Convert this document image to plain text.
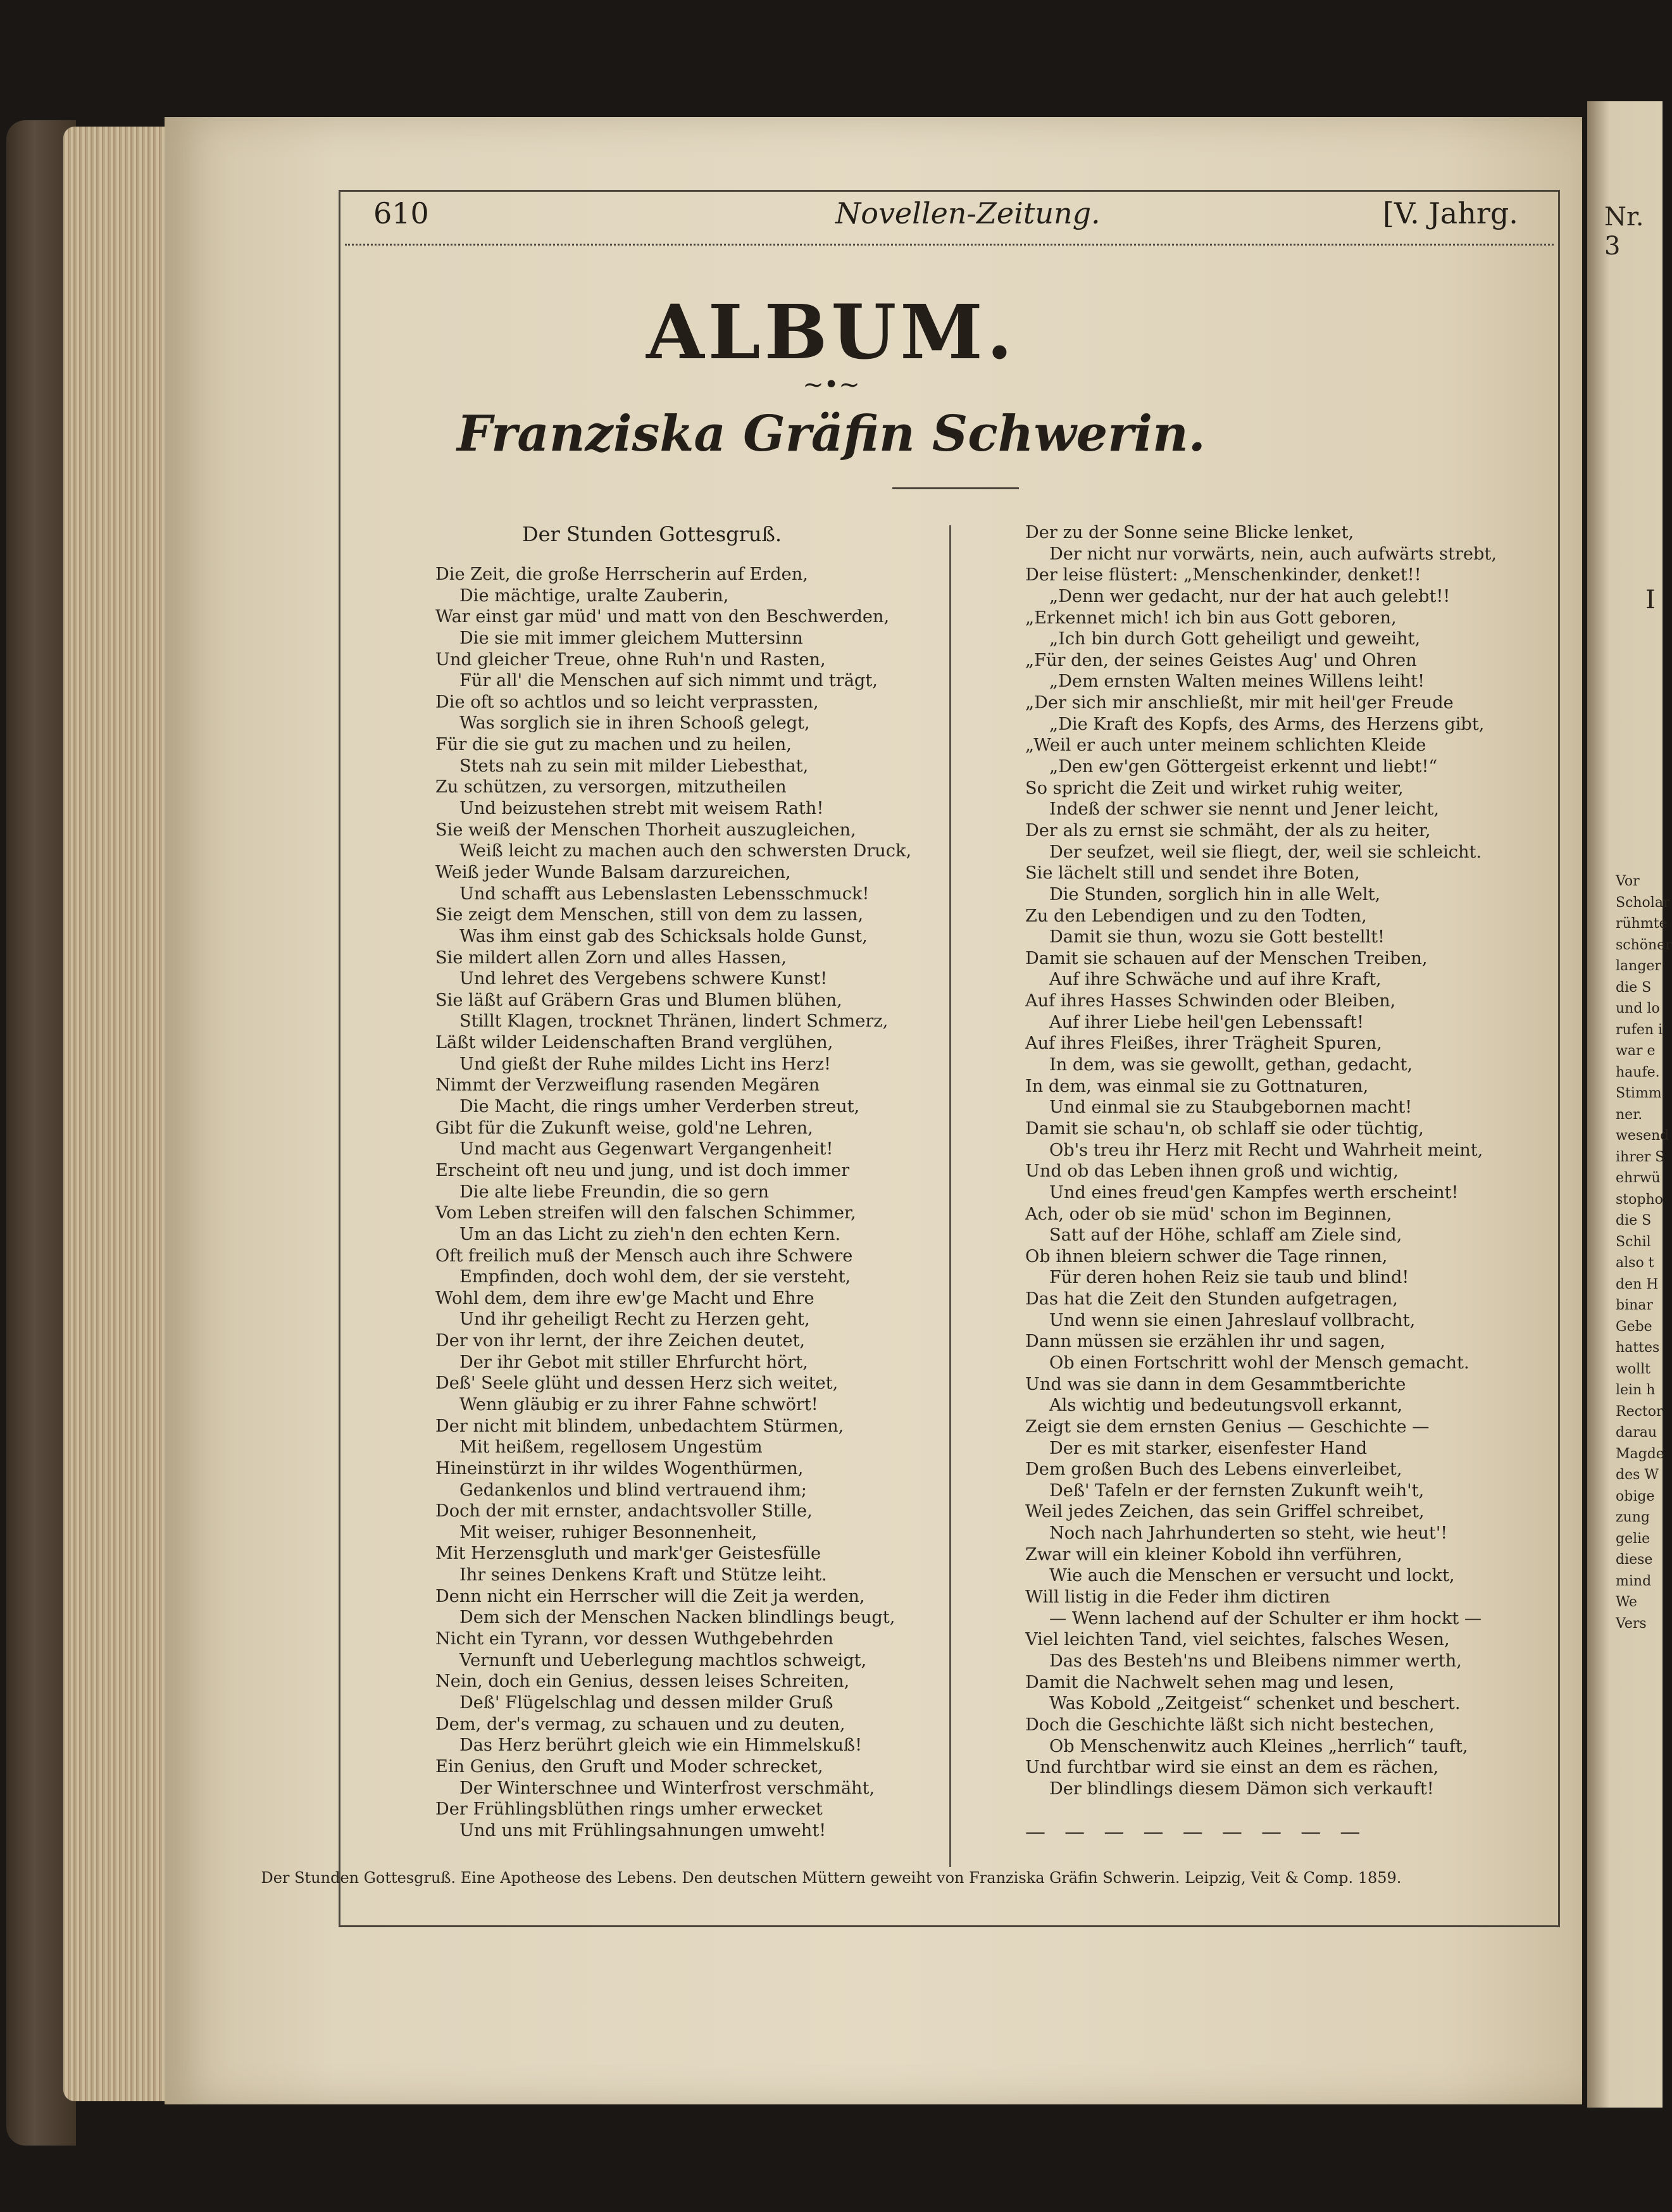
610	Novellen-Zeitung.	[V. Jahrg.
ALBUM.
~•~
Franziska Gräfin Schwerin.
Der Stunden Gottesgruß.
Die Zeit, die große Herrscherin auf Erden,
Die mächtige, uralte Zauberin,
War einst gar müd' und matt von den Beschwerden,
Die sie mit immer gleichem Muttersinn
Und gleicher Treue, ohne Ruh'n und Rasten,
Für all' die Menschen auf sich nimmt und trägt,
Die oft so achtlos und so leicht verprassten,
Was sorglich sie in ihren Schooß gelegt,
Für die sie gut zu machen und zu heilen,
Stets nah zu sein mit milder Liebesthat,
Zu schützen, zu versorgen, mitzutheilen
Und beizustehen strebt mit weisem Rath!
Sie weiß der Menschen Thorheit auszugleichen,
Weiß leicht zu machen auch den schwersten Druck,
Weiß jeder Wunde Balsam darzureichen,
Und schafft aus Lebenslasten Lebensschmuck!
Sie zeigt dem Menschen, still von dem zu lassen,
Was ihm einst gab des Schicksals holde Gunst,
Sie mildert allen Zorn und alles Hassen,
Und lehret des Vergebens schwere Kunst!
Sie läßt auf Gräbern Gras und Blumen blühen,
Stillt Klagen, trocknet Thränen, lindert Schmerz,
Läßt wilder Leidenschaften Brand verglühen,
Und gießt der Ruhe mildes Licht ins Herz!
Nimmt der Verzweiflung rasenden Megären
Die Macht, die rings umher Verderben streut,
Gibt für die Zukunft weise, gold'ne Lehren,
Und macht aus Gegenwart Vergangenheit!
Erscheint oft neu und jung, und ist doch immer
Die alte liebe Freundin, die so gern
Vom Leben streifen will den falschen Schimmer,
Um an das Licht zu zieh'n den echten Kern.
Oft freilich muß der Mensch auch ihre Schwere
Empfinden, doch wohl dem, der sie versteht,
Wohl dem, dem ihre ew'ge Macht und Ehre
Und ihr geheiligt Recht zu Herzen geht,
Der von ihr lernt, der ihre Zeichen deutet,
Der ihr Gebot mit stiller Ehrfurcht hört,
Deß' Seele glüht und dessen Herz sich weitet,
Wenn gläubig er zu ihrer Fahne schwört!
Der nicht mit blindem, unbedachtem Stürmen,
Mit heißem, regellosem Ungestüm
Hineinstürzt in ihr wildes Wogenthürmen,
Gedankenlos und blind vertrauend ihm;
Doch der mit ernster, andachtsvoller Stille,
Mit weiser, ruhiger Besonnenheit,
Mit Herzensgluth und mark'ger Geistesfülle
Ihr seines Denkens Kraft und Stütze leiht.
Denn nicht ein Herrscher will die Zeit ja werden,
Dem sich der Menschen Nacken blindlings beugt,
Nicht ein Tyrann, vor dessen Wuthgebehrden
Vernunft und Ueberlegung machtlos schweigt,
Nein, doch ein Genius, dessen leises Schreiten,
Deß' Flügelschlag und dessen milder Gruß
Dem, der's vermag, zu schauen und zu deuten,
Das Herz berührt gleich wie ein Himmelskuß!
Ein Genius, den Gruft und Moder schrecket,
Der Winterschnee und Winterfrost verschmäht,
Der Frühlingsblüthen rings umher erwecket
Und uns mit Frühlingsahnungen umweht!
Der zu der Sonne seine Blicke lenket,
Der nicht nur vorwärts, nein, auch aufwärts strebt,
Der leise flüstert: „Menschenkinder, denket!!
„Denn wer gedacht, nur der hat auch gelebt!!
„Erkennet mich! ich bin aus Gott geboren,
„Ich bin durch Gott geheiligt und geweiht,
„Für den, der seines Geistes Aug' und Ohren
„Dem ernsten Walten meines Willens leiht!
„Der sich mir anschließt, mir mit heil'ger Freude
„Die Kraft des Kopfs, des Arms, des Herzens gibt,
„Weil er auch unter meinem schlichten Kleide
„Den ew'gen Göttergeist erkennt und liebt!“
So spricht die Zeit und wirket ruhig weiter,
Indeß der schwer sie nennt und Jener leicht,
Der als zu ernst sie schmäht, der als zu heiter,
Der seufzet, weil sie fliegt, der, weil sie schleicht.
Sie lächelt still und sendet ihre Boten,
Die Stunden, sorglich hin in alle Welt,
Zu den Lebendigen und zu den Todten,
Damit sie thun, wozu sie Gott bestellt!
Damit sie schauen auf der Menschen Treiben,
Auf ihre Schwäche und auf ihre Kraft,
Auf ihres Hasses Schwinden oder Bleiben,
Auf ihrer Liebe heil'gen Lebenssaft!
Auf ihres Fleißes, ihrer Trägheit Spuren,
In dem, was sie gewollt, gethan, gedacht,
In dem, was einmal sie zu Gottnaturen,
Und einmal sie zu Staubgebornen macht!
Damit sie schau'n, ob schlaff sie oder tüchtig,
Ob's treu ihr Herz mit Recht und Wahrheit meint,
Und ob das Leben ihnen groß und wichtig,
Und eines freud'gen Kampfes werth erscheint!
Ach, oder ob sie müd' schon im Beginnen,
Satt auf der Höhe, schlaff am Ziele sind,
Ob ihnen bleiern schwer die Tage rinnen,
Für deren hohen Reiz sie taub und blind!
Das hat die Zeit den Stunden aufgetragen,
Und wenn sie einen Jahreslauf vollbracht,
Dann müssen sie erzählen ihr und sagen,
Ob einen Fortschritt wohl der Mensch gemacht.
Und was sie dann in dem Gesammtberichte
Als wichtig und bedeutungsvoll erkannt,
Zeigt sie dem ernsten Genius — Geschichte —
Der es mit starker, eisenfester Hand
Dem großen Buch des Lebens einverleibet,
Deß' Tafeln er der fernsten Zukunft weih't,
Weil jedes Zeichen, das sein Griffel schreibet,
Noch nach Jahrhunderten so steht, wie heut'!
Zwar will ein kleiner Kobold ihn verführen,
Wie auch die Menschen er versucht und lockt,
Will listig in die Feder ihm dictiren
— Wenn lachend auf der Schulter er ihm hockt —
Viel leichten Tand, viel seichtes, falsches Wesen,
Das des Besteh'ns und Bleibens nimmer werth,
Damit die Nachwelt sehen mag und lesen,
Was Kobold „Zeitgeist“ schenket und beschert.
Doch die Geschichte läßt sich nicht bestechen,
Ob Menschenwitz auch Kleines „herrlich“ tauft,
Und furchtbar wird sie einst an dem es rächen,
Der blindlings diesem Dämon sich verkauft!
— — — — — — — — —
Der Stunden Gottesgruß. Eine Apotheose des Lebens. Den deutschen Müttern geweiht von Franziska Gräfin Schwerin. Leipzig, Veit & Comp. 1859.
Nr. 3
I
Vor
Scholar
rühmte
schöner
langer
die S
und lo
rufen i
war e
haufe.
Stimm
ner.
wesend
ihrer S
ehrwü
stopho
die S
Schil
also t
den H
binar
Gebe
hattes
wollt
lein h
Rector
darau
Magde
des W
obige
zung
gelie
diese
mind
We
Vers
